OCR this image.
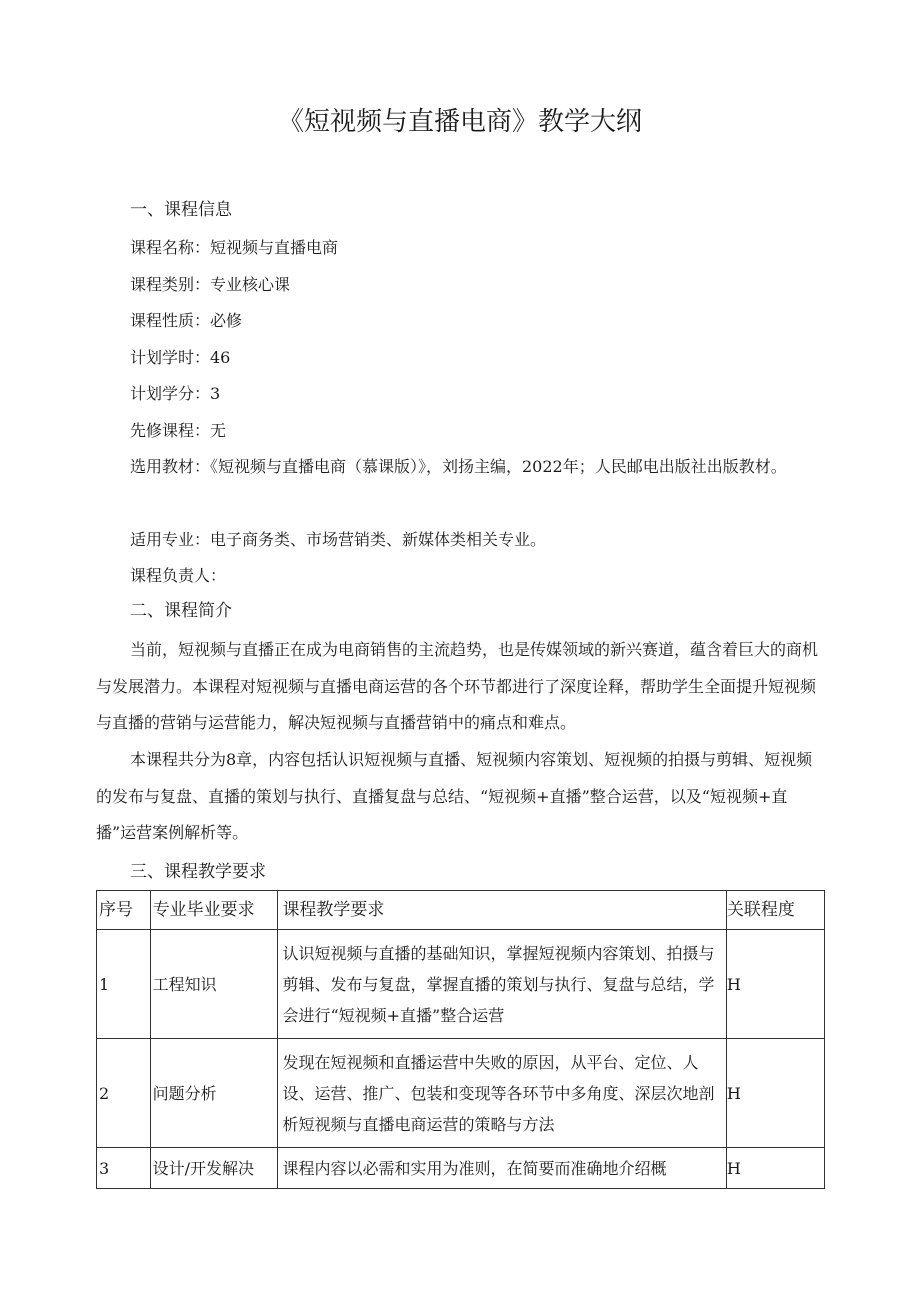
《短视频与直播电商》教学大纲
一、课程信息
课程名称：短视频与直播电商
课程类别：专业核心课
课程性质：必修
计划学时：46
计划学分：3
先修课程：无

选用教材：《短视频与直播电商（慕课版）》，刘扬主编，2022年；人民邮电出版社出版教材。

适用专业：电子商务类、市场营销类、新媒体类相关专业。

课程负责人：

二、课程简介

当前，短视频与直播正在成为电商销售的主流趋势，也是传媒领域的新兴赛道，蕴含着巨大的商机与发展潜力。本课程对短视频与直播电商运营的各个环节都进行了深度诠释，帮助学生全面提升短视频与直播的营销与运营能力，解决短视频与直播营销中的痛点和难点。

本课程共分为8章，内容包括认识短视频与直播、短视频内容策划、短视频的拍摄与剪辑、短视频的发布与复盘、直播的策划与执行、直播复盘与总结、“短视频+直播”整合运营，以及“短视频+直播”运营案例解析等。

三、课程教学要求
序号	专业毕业要求	课程教学要求	关联程度
1	工程知识	认识短视频与直播的基础知识，掌握短视频内容策划、拍摄与剪辑、发布与复盘，掌握直播的策划与执行、复盘与总结，学会进行“短视频+直播”整合运营	H
2	问题分析	发现在短视频和直播运营中失败的原因，从平台、定位、人设、运营、推广、包装和变现等各环节中多角度、深层次地剖析短视频与直播电商运营的策略与方法	H
3	设计/开发解决	课程内容以必需和实用为准则，在简要而准确地介绍概	H
